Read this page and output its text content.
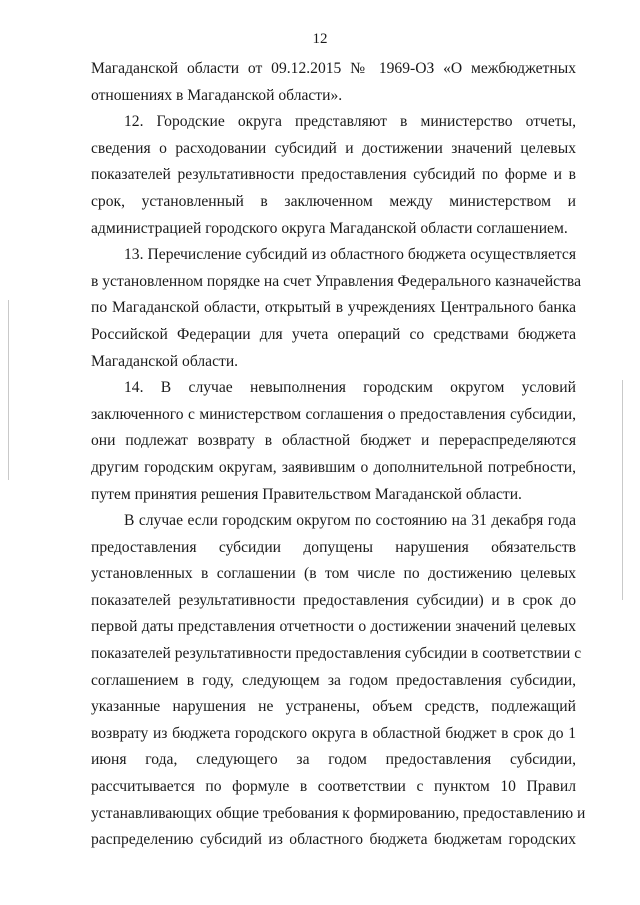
12
Магаданской области от 09.12.2015 № 1969-ОЗ «О межбюджетных
отношениях в Магаданской области».
12. Городские округа представляют в министерство отчеты,
сведения о расходовании субсидий и достижении значений целевых
показателей результативности предоставления субсидий по форме и в
срок, установленный в заключенном между министерством и
администрацией городского округа Магаданской области соглашением.
13. Перечисление субсидий из областного бюджета осуществляется
в установленном порядке на счет Управления Федерального казначейства
по Магаданской области, открытый в учреждениях Центрального банка
Российской Федерации для учета операций со средствами бюджета
Магаданской области.
14. В случае невыполнения городским округом условий
заключенного с министерством соглашения о предоставления субсидии,
они подлежат возврату в областной бюджет и перераспределяются
другим городским округам, заявившим о дополнительной потребности,
путем принятия решения Правительством Магаданской области.
В случае если городским округом по состоянию на 31 декабря года
предоставления субсидии допущены нарушения обязательств
установленных в соглашении (в том числе по достижению целевых
показателей результативности предоставления субсидии) и в срок до
первой даты представления отчетности о достижении значений целевых
показателей результативности предоставления субсидии в соответствии с
соглашением в году, следующем за годом предоставления субсидии,
указанные нарушения не устранены, объем средств, подлежащий
возврату из бюджета городского округа в областной бюджет в срок до 1
июня года, следующего за годом предоставления субсидии,
рассчитывается по формуле в соответствии с пунктом 10 Правил
устанавливающих общие требования к формированию, предоставлению и
распределению субсидий из областного бюджета бюджетам городских
